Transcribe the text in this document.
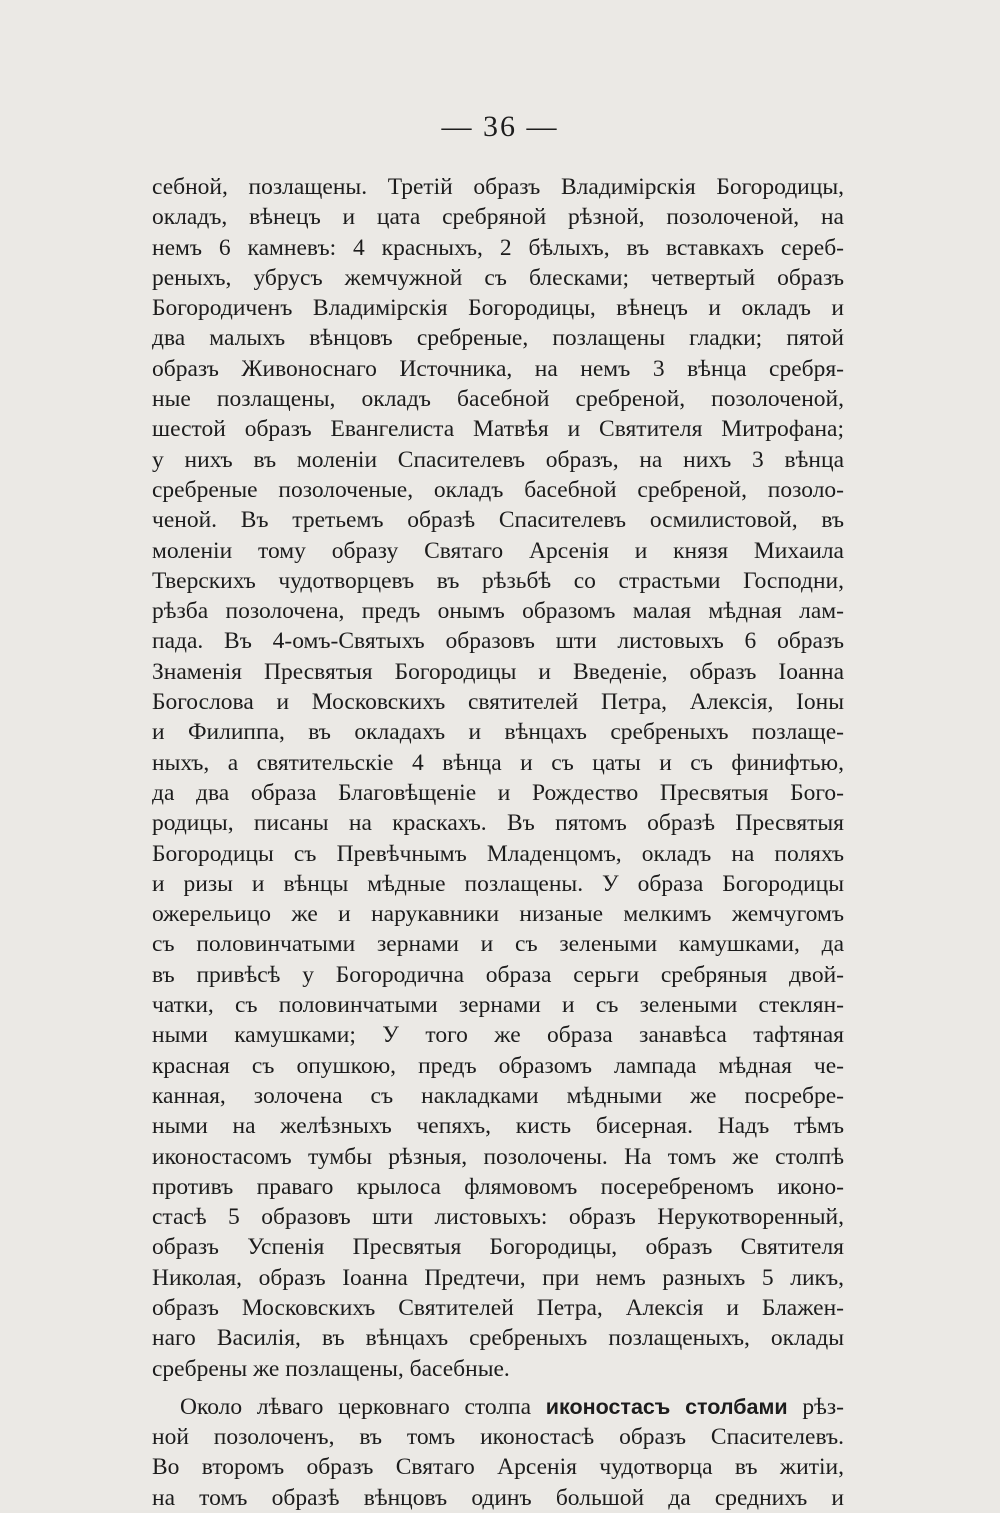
— 36 —
себной, позлащены. Третій образъ Владимірскія Богородицы,
окладъ, вѣнецъ и цата сребряной рѣзной, позолоченой, на
немъ 6 камневъ: 4 красныхъ, 2 бѣлыхъ, въ вставкахъ сереб-
реныхъ, убрусъ жемчужной съ блесками; четвертый образъ
Богородиченъ Владимірскія Богородицы, вѣнецъ и окладъ и
два малыхъ вѣнцовъ сребреные, позлащены гладки; пятой
образъ Живоноснаго Источника, на немъ 3 вѣнца сребря-
ные позлащены, окладъ басебной сребреной, позолоченой,
шестой образъ Евангелиста Матвѣя и Святителя Митрофана;
у нихъ въ моленіи Спасителевъ образъ, на нихъ 3 вѣнца
сребреные позолоченые, окладъ басебной сребреной, позоло-
ченой. Въ третьемъ образѣ Спасителевъ осмилистовой, въ
моленіи тому образу Святаго Арсенія и князя Михаила
Тверскихъ чудотворцевъ въ рѣзьбѣ со страстьми Господни,
рѣзба позолочена, предъ онымъ образомъ малая мѣдная лам-
пада. Въ 4-омъ-Святыхъ образовъ шти листовыхъ 6 образъ
Знаменія Пресвятыя Богородицы и Введеніе, образъ Іоанна
Богослова и Московскихъ святителей Петра, Алексія, Іоны
и Филиппа, въ окладахъ и вѣнцахъ сребреныхъ позлаще-
ныхъ, а святительскіе 4 вѣнца и съ цаты и съ финифтью,
да два образа Благовѣщеніе и Рождество Пресвятыя Бого-
родицы, писаны на краскахъ. Въ пятомъ образѣ Пресвятыя
Богородицы съ Превѣчнымъ Младенцомъ, окладъ на поляхъ
и ризы и вѣнцы мѣдные позлащены. У образа Богородицы
ожерельицо же и нарукавники низаные мелкимъ жемчугомъ
съ половинчатыми зернами и съ зелеными камушками, да
въ привѣсѣ у Богородична образа серьги сребряныя двой-
чатки, съ половинчатыми зернами и съ зелеными стеклян-
ными камушками; У того же образа занавѣса тафтяная
красная съ опушкою, предъ образомъ лампада мѣдная че-
канная, золочена съ накладками мѣдными же посребре-
ными на желѣзныхъ чепяхъ, кисть бисерная. Надъ тѣмъ
иконостасомъ тумбы рѣзныя, позолочены. На томъ же столпѣ
противъ праваго крылоса флямовомъ посеребреномъ иконо-
стасѣ 5 образовъ шти листовыхъ: образъ Нерукотворенный,
образъ Успенія Пресвятыя Богородицы, образъ Святителя
Николая, образъ Іоанна Предтечи, при немъ разныхъ 5 ликъ,
образъ Московскихъ Святителей Петра, Алексія и Блажен-
наго Василія, въ вѣнцахъ сребреныхъ позлащеныхъ, оклады
сребрены же позлащены, басебные.
Около лѣваго церковнаго столпа иконостасъ столбами рѣз-
ной позолоченъ, въ томъ иконостасѣ образъ Спасителевъ.
Во второмъ образъ Святаго Арсенія чудотворца въ житіи,
на томъ образѣ вѣнцовъ одинъ большой да среднихъ и
